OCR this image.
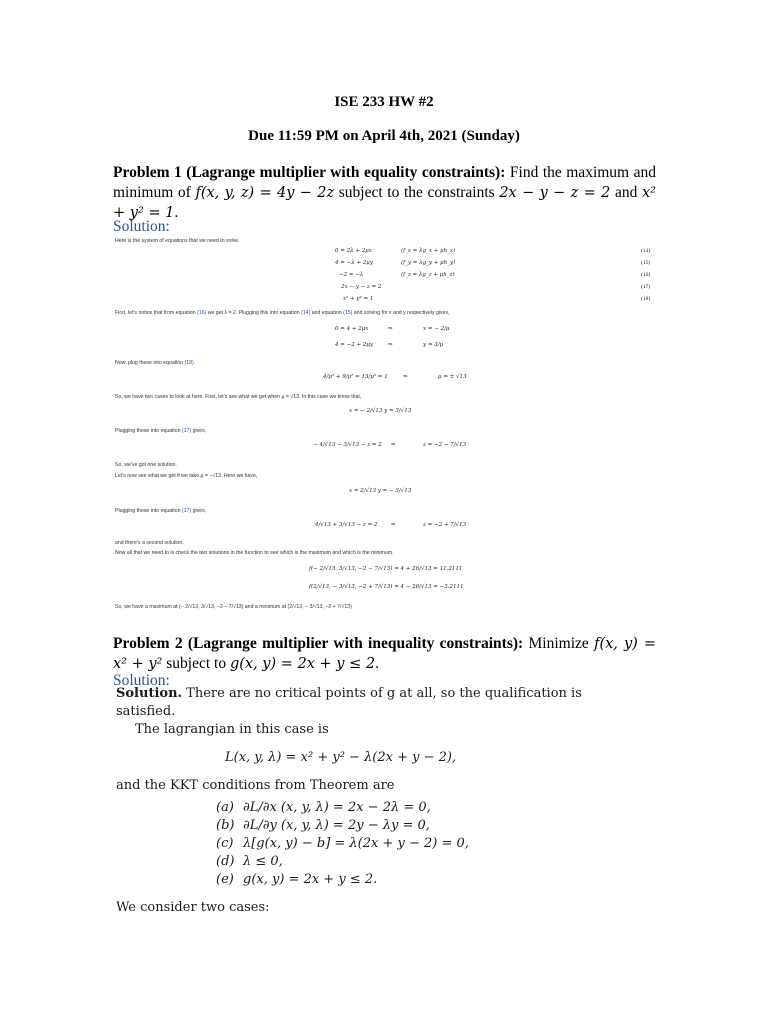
ISE 233 HW #2
Due 11:59 PM on April 4th, 2021 (Sunday)
Problem 1 (Lagrange multiplier with equality constraints): Find the maximum and minimum of f(x, y, z) = 4y − 2z subject to the constraints 2x − y − z = 2 and x² + y² = 1.
Solution:
Here is the system of equations that we need to solve.
0 = 2λ + 2μx	(f_x = λg_x + μh_x)	(14)
4 = −λ + 2μy	(f_y = λg_y + μh_y)	(15)
−2 = −λ	(f_z = λg_z + μh_z)	(16)
2x − y − z = 2	(17)
x² + y² = 1	(18)
First, let's notice that from equation (16) we get λ = 2. Plugging this into equation (14) and equation (15) and solving for x and y respectively gives,
0 = 4 + 2μx	⇒	x = − 2/μ
4 = −2 + 2μy	⇒	y = 3/μ
Now, plug these into equation (18)
4/μ² + 9/μ² = 13/μ² = 1	⇒	μ = ± √13
So, we have two cases to look at here. First, let's see what we get when μ = √13. In this case we know that,
x = − 2/√13 y = 3/√13
Plugging these into equation (17) gives,
− 4/√13 − 3/√13 − z = 2 ⇒	z = −2 − 7/√13
So, we've got one solution.
Let's now see what we get if we take μ = −√13. Here we have,
x = 2/√13 y = − 3/√13
Plugging these into equation (17) gives,
4/√13 + 3/√13 − z = 2 ⇒	z = −2 + 7/√13
and there's a second solution.
Now all that we need to is check the two solutions in the function to see which is the maximum and which is the minimum.
f(− 2/√13, 3/√13, −2 − 7/√13) = 4 + 26/√13 = 11.2111
f(2/√13, − 3/√13, −2 + 7/√13) = 4 − 26/√13 = −3.2111
So, we have a maximum at (− 2/√13, 3/√13, −2 − 7/√13) and a minimum at (2/√13, − 3/√13, −2 + 7/√13)
Problem 2 (Lagrange multiplier with inequality constraints): Minimize f(x, y) = x² + y² subject to g(x, y) = 2x + y ≤ 2.
Solution:
Solution. There are no critical points of g at all, so the qualification is
satisfied.
The lagrangian in this case is
L(x, y, λ) = x² + y² − λ(2x + y − 2),
and the KKT conditions from Theorem are
(a) ∂L/∂x (x, y, λ) = 2x − 2λ = 0,
(b) ∂L/∂y (x, y, λ) = 2y − λy = 0,
(c) λ[g(x, y) − b] = λ(2x + y − 2) = 0,
(d) λ ≤ 0,
(e) g(x, y) = 2x + y ≤ 2.
We consider two cases:
